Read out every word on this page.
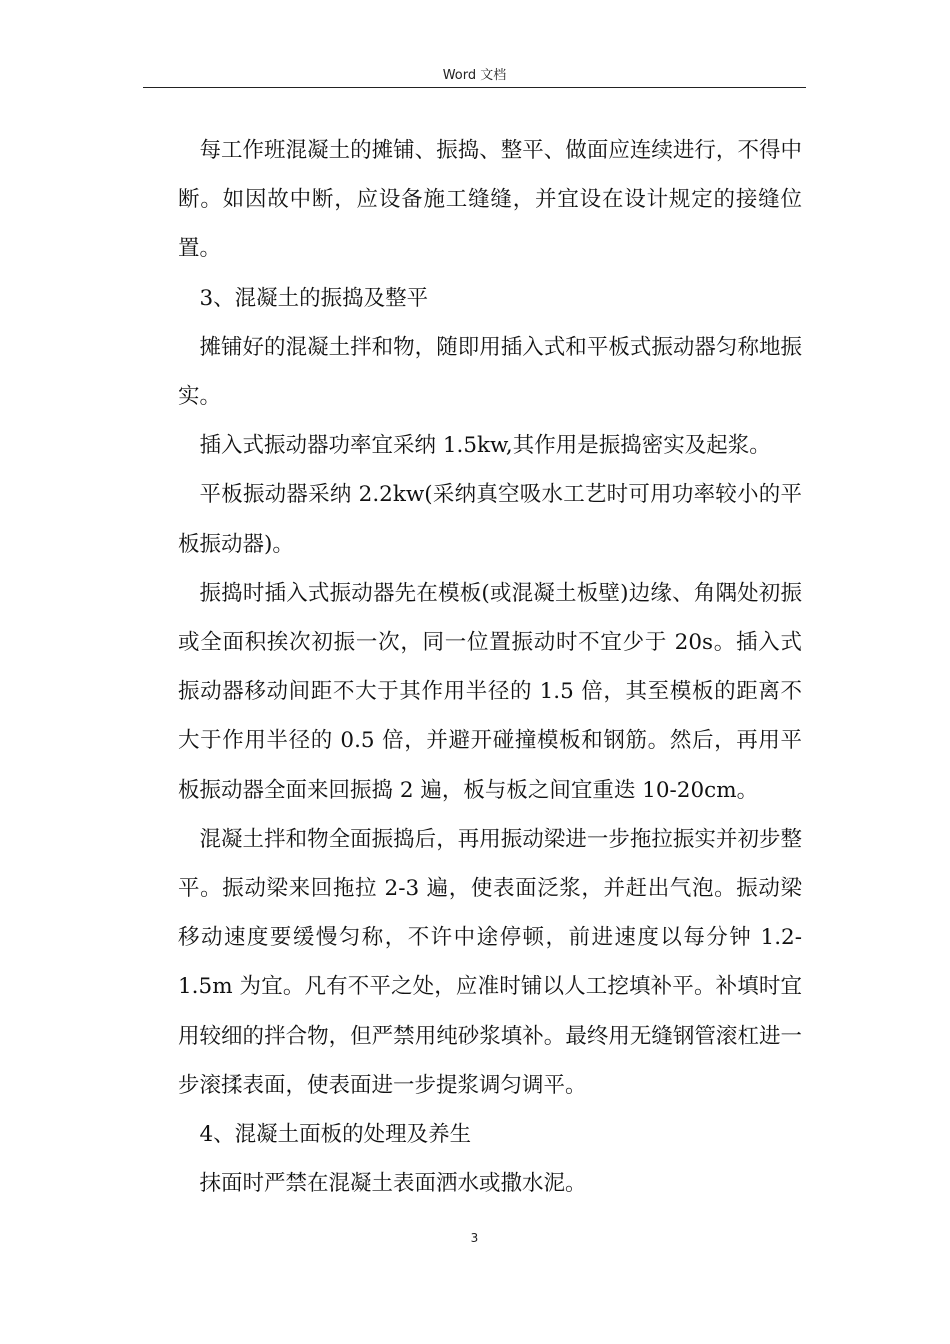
Word 文档

每工作班混凝土的摊铺、振捣、整平、做面应连续进行，不得中断。如因故中断，应设备施工缝缝，并宜设在设计规定的接缝位置。

3、混凝土的振捣及整平

摊铺好的混凝土拌和物，随即用插入式和平板式振动器匀称地振实。

插入式振动器功率宜采纳 1.5kw,其作用是振捣密实及起浆。

平板振动器采纳 2.2kw(采纳真空吸水工艺时可用功率较小的平板振动器)。

振捣时插入式振动器先在模板(或混凝土板壁)边缘、角隅处初振或全面积挨次初振一次，同一位置振动时不宜少于 20s。插入式振动器移动间距不大于其作用半径的 1.5 倍，其至模板的距离不大于作用半径的 0.5 倍，并避开碰撞模板和钢筋。然后，再用平板振动器全面来回振捣 2 遍，板与板之间宜重迭 10-20cm。

混凝土拌和物全面振捣后，再用振动梁进一步拖拉振实并初步整平。振动梁来回拖拉 2-3 遍，使表面泛浆，并赶出气泡。振动梁移动速度要缓慢匀称，不许中途停顿，前进速度以每分钟 1.2-1.5m 为宜。凡有不平之处，应准时铺以人工挖填补平。补填时宜用较细的拌合物，但严禁用纯砂浆填补。最终用无缝钢管滚杠进一步滚揉表面，使表面进一步提浆调匀调平。

4、混凝土面板的处理及养生

抹面时严禁在混凝土表面洒水或撒水泥。

3
